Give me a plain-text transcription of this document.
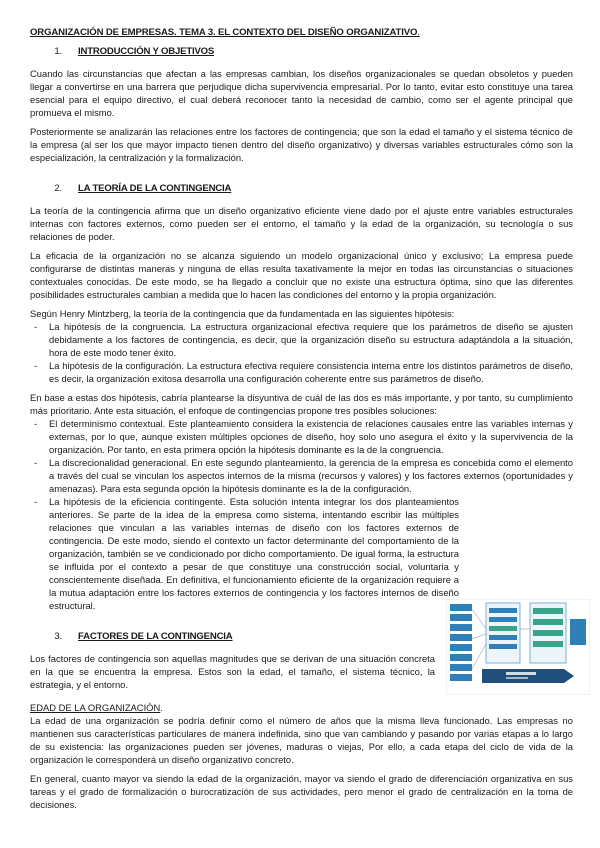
ORGANIZACIÓN DE EMPRESAS. TEMA 3. EL CONTEXTO DEL DISEÑO ORGANIZATIVO.
1.	INTRODUCCIÓN Y OBJETIVOS

Cuando las circunstancias que afectan a las empresas cambian, los diseños organizacionales se quedan obsoletos y pueden llegar a convertirse en una barrera que perjudique dicha supervivencia empresarial. Por lo tanto, evitar esto constituye una tarea esencial para el equipo directivo, el cual deberá reconocer tanto la necesidad de cambio, como ser el agente principal que promueva el mismo.

Posteriormente se analizarán las relaciones entre los factores de contingencia; que son la edad el tamaño y el sistema técnico de la empresa (al ser los que mayor impacto tienen dentro del diseño organizativo) y diversas variables estructurales cómo son la especialización, la centralización y la formalización.

2.	LA TEORÍA DE LA CONTINGENCIA

La teoría de la contingencia afirma que un diseño organizativo eficiente viene dado por el ajuste entre variables estructurales internas con factores externos, como pueden ser el entorno, el tamaño y la edad de la organización, su tecnología o sus relaciones de poder.

La eficacia de la organización no se alcanza siguiendo un modelo organizacional único y exclusivo; La empresa puede configurarse de distintas maneras y ninguna de ellas resulta taxativamente la mejor en todas las circunstancias o situaciones contextuales conocidas. De este modo, se ha llegado a concluir que no existe una estructura óptima, sino que las diferentes posibilidades estructurales cambian a medida que lo hacen las condiciones del entorno y la propia organización.

Según Henry Mintzberg, la teoría de la contingencia que da fundamentada en las siguientes hipótesis:

- La hipótesis de la congruencia. La estructura organizacional efectiva requiere que los parámetros de diseño se ajusten debidamente a los factores de contingencia, es decir, que la organización diseño su estructura adaptándola a la situación, hora de este modo tener éxito.
- La hipótesis de la configuración. La estructura efectiva requiere consistencia interna entre los distintos parámetros de diseño, es decir, la organización exitosa desarrolla una configuración coherente entre sus parámetros de diseño.

En base a estas dos hipótesis, cabría plantearse la disyuntiva de cuál de las dos es más importante, y por tanto, su cumplimiento más prioritario. Ante esta situación, el enfoque de contingencias propone tres posibles soluciones:

- El determinismo contextual. Este planteamiento considera la existencia de relaciones causales entre las variables internas y externas, por lo que, aunque existen múltiples opciones de diseño, hoy solo uno asegura el éxito y la supervivencia de la organización. Por tanto, en esta primera opción la hipótesis dominante es la de la congruencia.
- La discrecionalidad generacional. En este segundo planteamiento, la gerencia de la empresa es concebida como el elemento a través del cual se vinculan los aspectos internos de la misma (recursos y valores) y los factores externos (oportunidades y amenazas). Para esta segunda opción la hipótesis dominante es la de la configuración.
- La hipótesis de la eficiencia contingente. Esta solución intenta integrar los dos planteamientos anteriores. Se parte de la idea de la empresa como sistema, intentando escribir las múltiples relaciones que vinculan a las variables internas de diseño con los factores externos de contingencia. De este modo, siendo el contexto un factor determinante del comportamiento de la organización, también se ve condicionado por dicho comportamiento. De igual forma, la estructura se influida por el contexto a pesar de que constituye una construcción social, voluntaria y conscientemente diseñada. En definitiva, el funcionamiento eficiente de la organización requiere a la mutua adaptación entre los factores externos de contingencia y los factores internos de diseño estructural.
3.	FACTORES DE LA CONTINGENCIA

Los factores de contingencia son aquellas magnitudes que se derivan de una situación concreta en la que se encuentra la empresa. Estos son la edad, el tamaño, el sistema técnico, la estrategia, y el entorno.

EDAD DE LA ORGANIZACIÓN.

La edad de una organización se podría definir como el número de años que la misma lleva funcionado. Las empresas no mantienen sus características particulares de manera indefinida, sino que van cambiando y pasando por varias etapas a lo largo de su existencia: las organizaciones pueden ser jóvenes, maduras o viejas, Por ello, a cada etapa del ciclo de vida de la organización le corresponderá un diseño organizativo concreto.

En general, cuanto mayor va siendo la edad de la organización, mayor va siendo el grado de diferenciación organizativa en sus tareas y el grado de formalización o burocratización de sus actividades, pero menor el grado de centralización en la toma de decisiones.
